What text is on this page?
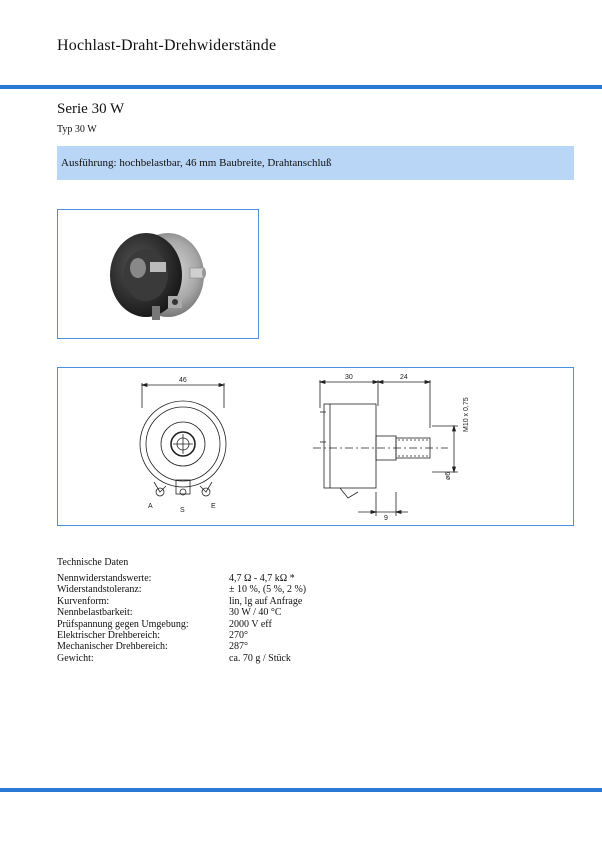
Hochlast-Draht-Drehwiderstände
Serie 30 W
Typ 30 W
Ausführung: hochbelastbar, 46 mm Baubreite, Drahtanschluß
46	30	24
M10 x 0,75
ø6
9
A
S
E
Technische Daten
Nennwiderstandswerte:	4,7 Ω - 4,7 kΩ *
Widerstandstoleranz:	± 10 %, (5 %, 2 %)
Kurvenform:	lin, lg auf Anfrage
Nennbelastbarkeit:	30 W / 40 °C
Prüfspannung gegen Umgebung:	2000 V eff
Elektrischer Drehbereich:	270°
Mechanischer Drehbereich:	287°
Gewicht:	ca. 70 g / Stück
